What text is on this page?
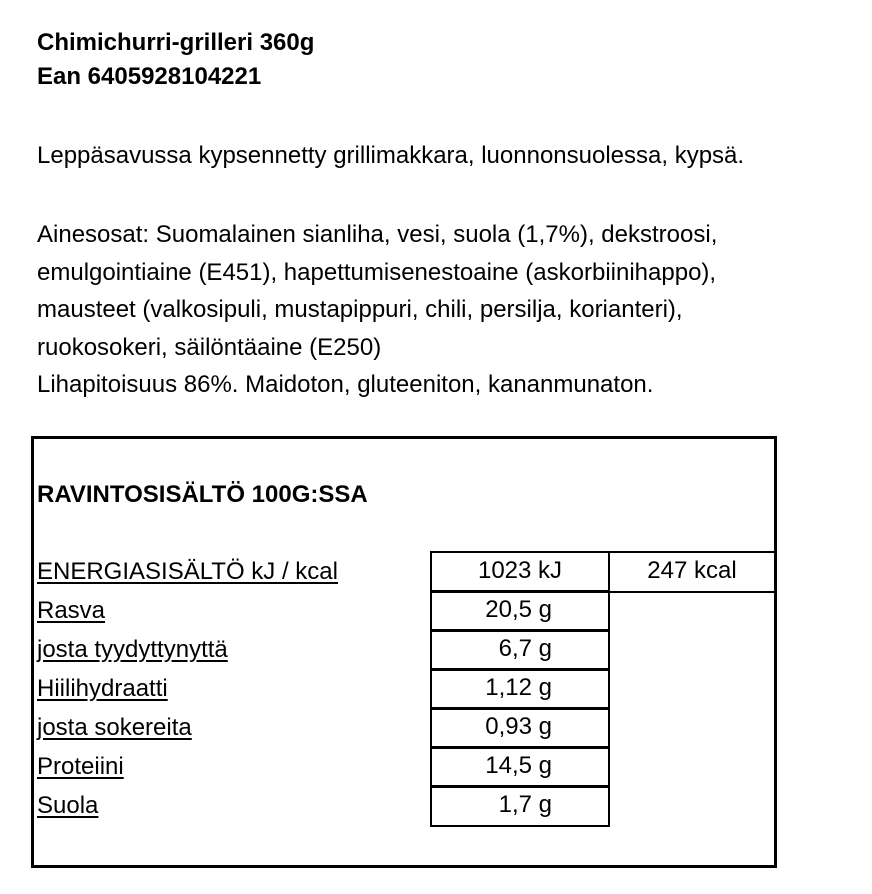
Chimichurri-grilleri 360g
Ean 6405928104221
Leppäsavussa kypsennetty grillimakkara, luonnonsuolessa, kypsä.
Ainesosat: Suomalainen sianliha, vesi, suola (1,7%), dekstroosi,
emulgointiaine (E451), hapettumisenestoaine (askorbiinihappo),
mausteet (valkosipuli, mustapippuri, chili, persilja, korianteri),
ruokosokeri, säilöntäaine (E250)
Lihapitoisuus 86%. Maidoton, gluteeniton, kananmunaton.
RAVINTOSISÄLTÖ 100G:SSA
ENERGIASISÄLTÖ kJ / kcal	1023 kJ	247 kcal
Rasva	20,5 g
josta tyydyttynyttä	6,7 g
Hiilihydraatti	1,12 g
josta sokereita	0,93 g
Proteiini	14,5 g
Suola	1,7 g
